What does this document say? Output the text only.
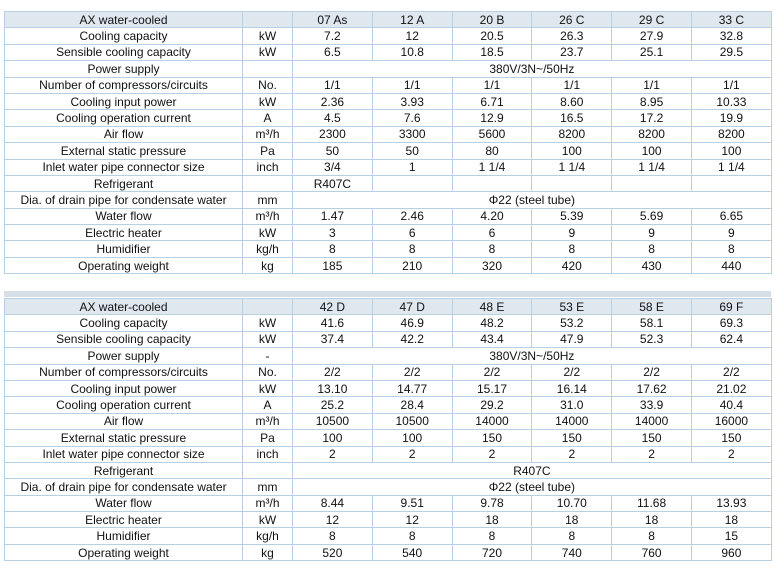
AX water-cooled		07 As	12 A	20 B	26 C	29 C	33 C
Cooling capacity	kW	7.2	12	20.5	26.3	27.9	32.8
Sensible cooling capacity	kW	6.5	10.8	18.5	23.7	25.1	29.5
Power supply		380V/3N~/50Hz					
Number of compressors/circuits	No.	1/1	1/1	1/1	1/1	1/1	1/1
Cooling input power	kW	2.36	3.93	6.71	8.60	8.95	10.33
Cooling operation current	A	4.5	7.6	12.9	16.5	17.2	19.9
Air flow	m³/h	2300	3300	5600	8200	8200	8200
External static pressure	Pa	50	50	80	100	100	100
Inlet water pipe connector size	inch	3/4	1	1 1/4	1 1/4	1 1/4	1 1/4
Refrigerant		R407C					
Dia. of drain pipe for condensate water	mm	Φ22 (steel tube)					
Water flow	m³/h	1.47	2.46	4.20	5.39	5.69	6.65
Electric heater	kW	3	6	6	9	9	9
Humidifier	kg/h	8	8	8	8	8	8
Operating weight	kg	185	210	320	420	430	440
AX water-cooled		42 D	47 D	48 E	53 E	58 E	69 F
Cooling capacity	kW	41.6	46.9	48.2	53.2	58.1	69.3
Sensible cooling capacity	kW	37.4	42.2	43.4	47.9	52.3	62.4
Power supply	-	380V/3N~/50Hz					
Number of compressors/circuits	No.	2/2	2/2	2/2	2/2	2/2	2/2
Cooling input power	kW	13.10	14.77	15.17	16.14	17.62	21.02
Cooling operation current	A	25.2	28.4	29.2	31.0	33.9	40.4
Air flow	m³/h	10500	10500	14000	14000	14000	16000
External static pressure	Pa	100	100	150	150	150	150
Inlet water pipe connector size	inch	2	2	2	2	2	2
Refrigerant		R407C					
Dia. of drain pipe for condensate water	mm	Φ22 (steel tube)					
Water flow	m³/h	8.44	9.51	9.78	10.70	11.68	13.93
Electric heater	kW	12	12	18	18	18	18
Humidifier	kg/h	8	8	8	8	8	15
Operating weight	kg	520	540	720	740	760	960
